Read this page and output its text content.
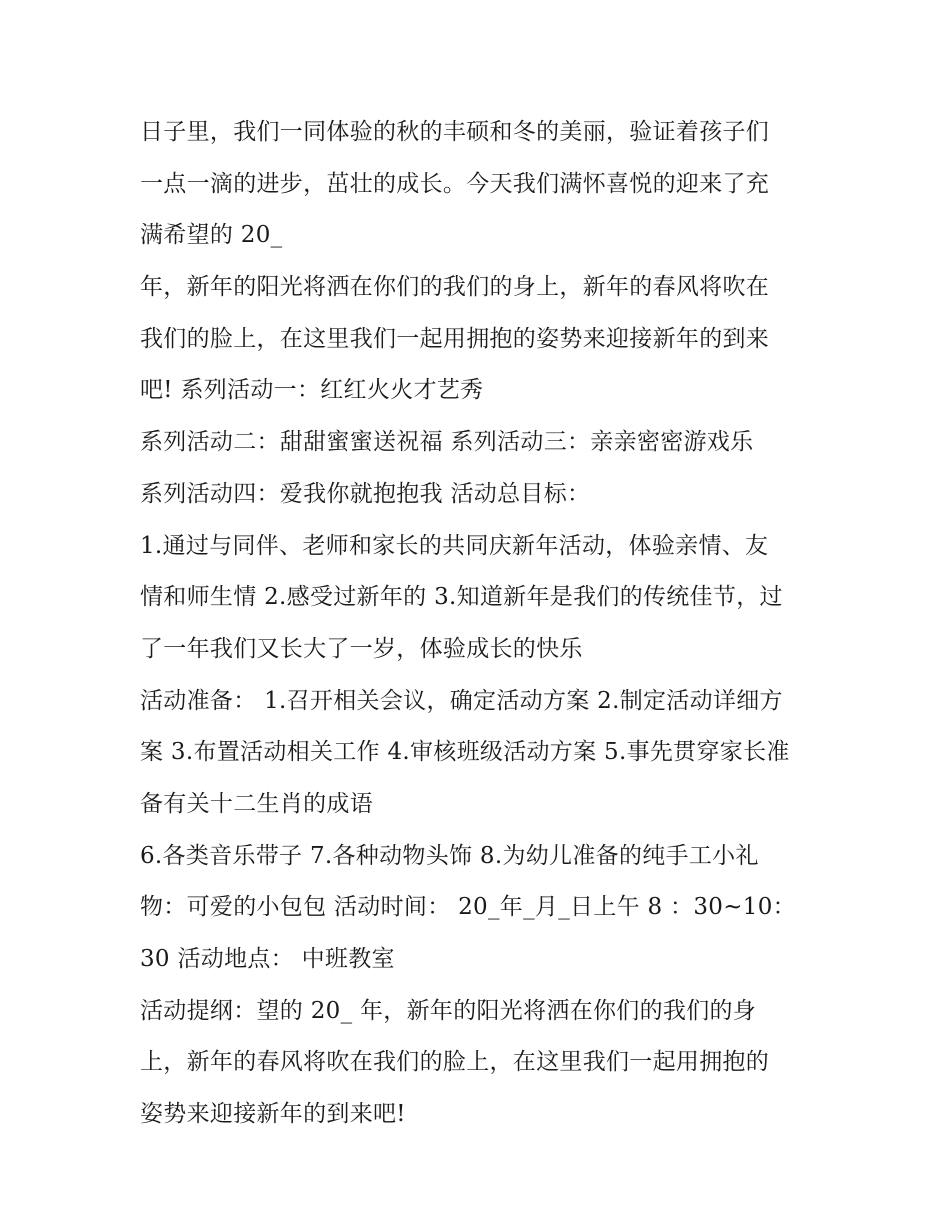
日子里，我们一同体验的秋的丰硕和冬的美丽，验证着孩子们
一点一滴的进步，茁壮的成长。今天我们满怀喜悦的迎来了充
满希望的 20_
年，新年的阳光将洒在你们的我们的身上，新年的春风将吹在
我们的脸上，在这里我们一起用拥抱的姿势来迎接新年的到来
吧! 系列活动一：红红火火才艺秀
系列活动二：甜甜蜜蜜送祝福 系列活动三：亲亲密密游戏乐
系列活动四：爱我你就抱抱我 活动总目标：
1.通过与同伴、老师和家长的共同庆新年活动，体验亲情、友
情和师生情 2.感受过新年的 3.知道新年是我们的传统佳节，过
了一年我们又长大了一岁，体验成长的快乐
活动准备： 1.召开相关会议，确定活动方案 2.制定活动详细方
案 3.布置活动相关工作 4.审核班级活动方案 5.事先贯穿家长准
备有关十二生肖的成语
6.各类音乐带子 7.各种动物头饰 8.为幼儿准备的纯手工小礼
物：可爱的小包包 活动时间： 20_年_月_日上午 8 ：30~10：
30 活动地点： 中班教室
活动提纲：望的 20_ 年，新年的阳光将洒在你们的我们的身
上，新年的春风将吹在我们的脸上，在这里我们一起用拥抱的
姿势来迎接新年的到来吧!
